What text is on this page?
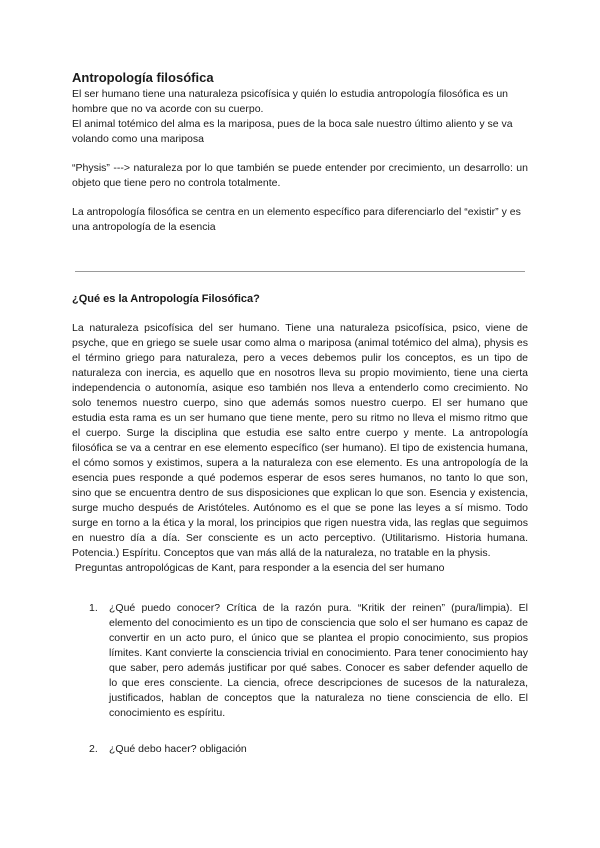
Antropología filosófica

El ser humano tiene una naturaleza psicofísica y quién lo estudia antropología filosófica es un hombre que no va acorde con su cuerpo.

El animal totémico del alma es la mariposa, pues de la boca sale nuestro último aliento y se va volando como una mariposa

“Physis” ---> naturaleza por lo que también se puede entender por crecimiento, un desarrollo: un objeto que tiene pero no controla totalmente.

La antropología filosófica se centra en un elemento específico para diferenciarlo del “existir” y es una antropología de la esencia

¿Qué es la Antropología Filosófica?

La naturaleza psicofísica del ser humano. Tiene una naturaleza psicofísica, psico, viene de psyche, que en griego se suele usar como alma o mariposa (animal totémico del alma), physis es el término griego para naturaleza, pero a veces debemos pulir los conceptos, es un tipo de naturaleza con inercia, es aquello que en nosotros lleva su propio movimiento, tiene una cierta independencia o autonomía, asique eso también nos lleva a entenderlo como crecimiento. No solo tenemos nuestro cuerpo, sino que además somos nuestro cuerpo. El ser humano que estudia esta rama es un ser humano que tiene mente, pero su ritmo no lleva el mismo ritmo que el cuerpo. Surge la disciplina que estudia ese salto entre cuerpo y mente. La antropología filosófica se va a centrar en ese elemento específico (ser humano). El tipo de existencia humana, el cómo somos y existimos, supera a la naturaleza con ese elemento. Es una antropología de la esencia pues responde a qué podemos esperar de esos seres humanos, no tanto lo que son, sino que se encuentra dentro de sus disposiciones que explican lo que son. Esencia y existencia, surge mucho después de Aristóteles. Autónomo es el que se pone las leyes a sí mismo. Todo surge en torno a la ética y la moral, los principios que rigen nuestra vida, las reglas que seguimos en nuestro día a día. Ser consciente es un acto perceptivo. (Utilitarismo. Historia humana. Potencia.) Espíritu. Conceptos que van más allá de la naturaleza, no tratable en la physis.

Preguntas antropológicas de Kant, para responder a la esencia del ser humano

1. ¿Qué puedo conocer? Crítica de la razón pura. “Kritik der reinen” (pura/limpia). El elemento del conocimiento es un tipo de consciencia que solo el ser humano es capaz de convertir en un acto puro, el único que se plantea el propio conocimiento, sus propios límites. Kant convierte la consciencia trivial en conocimiento. Para tener conocimiento hay que saber, pero además justificar por qué sabes. Conocer es saber defender aquello de lo que eres consciente. La ciencia, ofrece descripciones de sucesos de la naturaleza, justificados, hablan de conceptos que la naturaleza no tiene consciencia de ello. El conocimiento es espíritu.

2. ¿Qué debo hacer? obligación
